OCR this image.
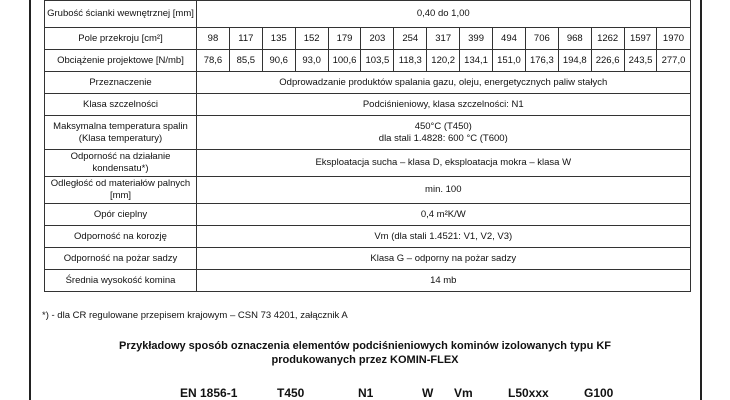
Grubość ścianki wewnętrznej [mm]	0,40 do 1,00														
Pole przekroju [cm²]	98	117	135	152	179	203	254	317	399	494	706	968	1262	1597	1970
Obciążenie projektowe [N/mb]	78,6	85,5	90,6	93,0	100,6	103,5	118,3	120,2	134,1	151,0	176,3	194,8	226,6	243,5	277,0
Przeznaczenie	Odprowadzanie produktów spalania gazu, oleju, energetycznych paliw stałych														
Klasa szczelności	Podciśnieniowy, klasa szczelności: N1														
Maksymalna temperatura spalin (Klasa temperatury)	450°C (T450)
dla stali 1.4828: 600 °C (T600)														

Odporność na działanie kondensatu*)	Eksploatacja sucha – klasa D, eksploatacja mokra – klasa W														
Odległość od materiałów palnych [mm]	min. 100														
Opór cieplny	0,4 m²K/W														
Odporność na korozję	Vm (dla stali 1.4521: V1, V2, V3)														
Odporność na pożar sadzy	Klasa G – odporny na pożar sadzy														
Średnia wysokość komina	14 mb														
*) - dla CR regulowane przepisem krajowym – CSN 73 4201, załącznik A
Przykładowy sposób oznaczenia elementów podciśnieniowych kominów izolowanych typu KF
produkowanych przez KOMIN-FLEX
EN 1856-1	T450	N1	W Vm	L50xxx	G100
